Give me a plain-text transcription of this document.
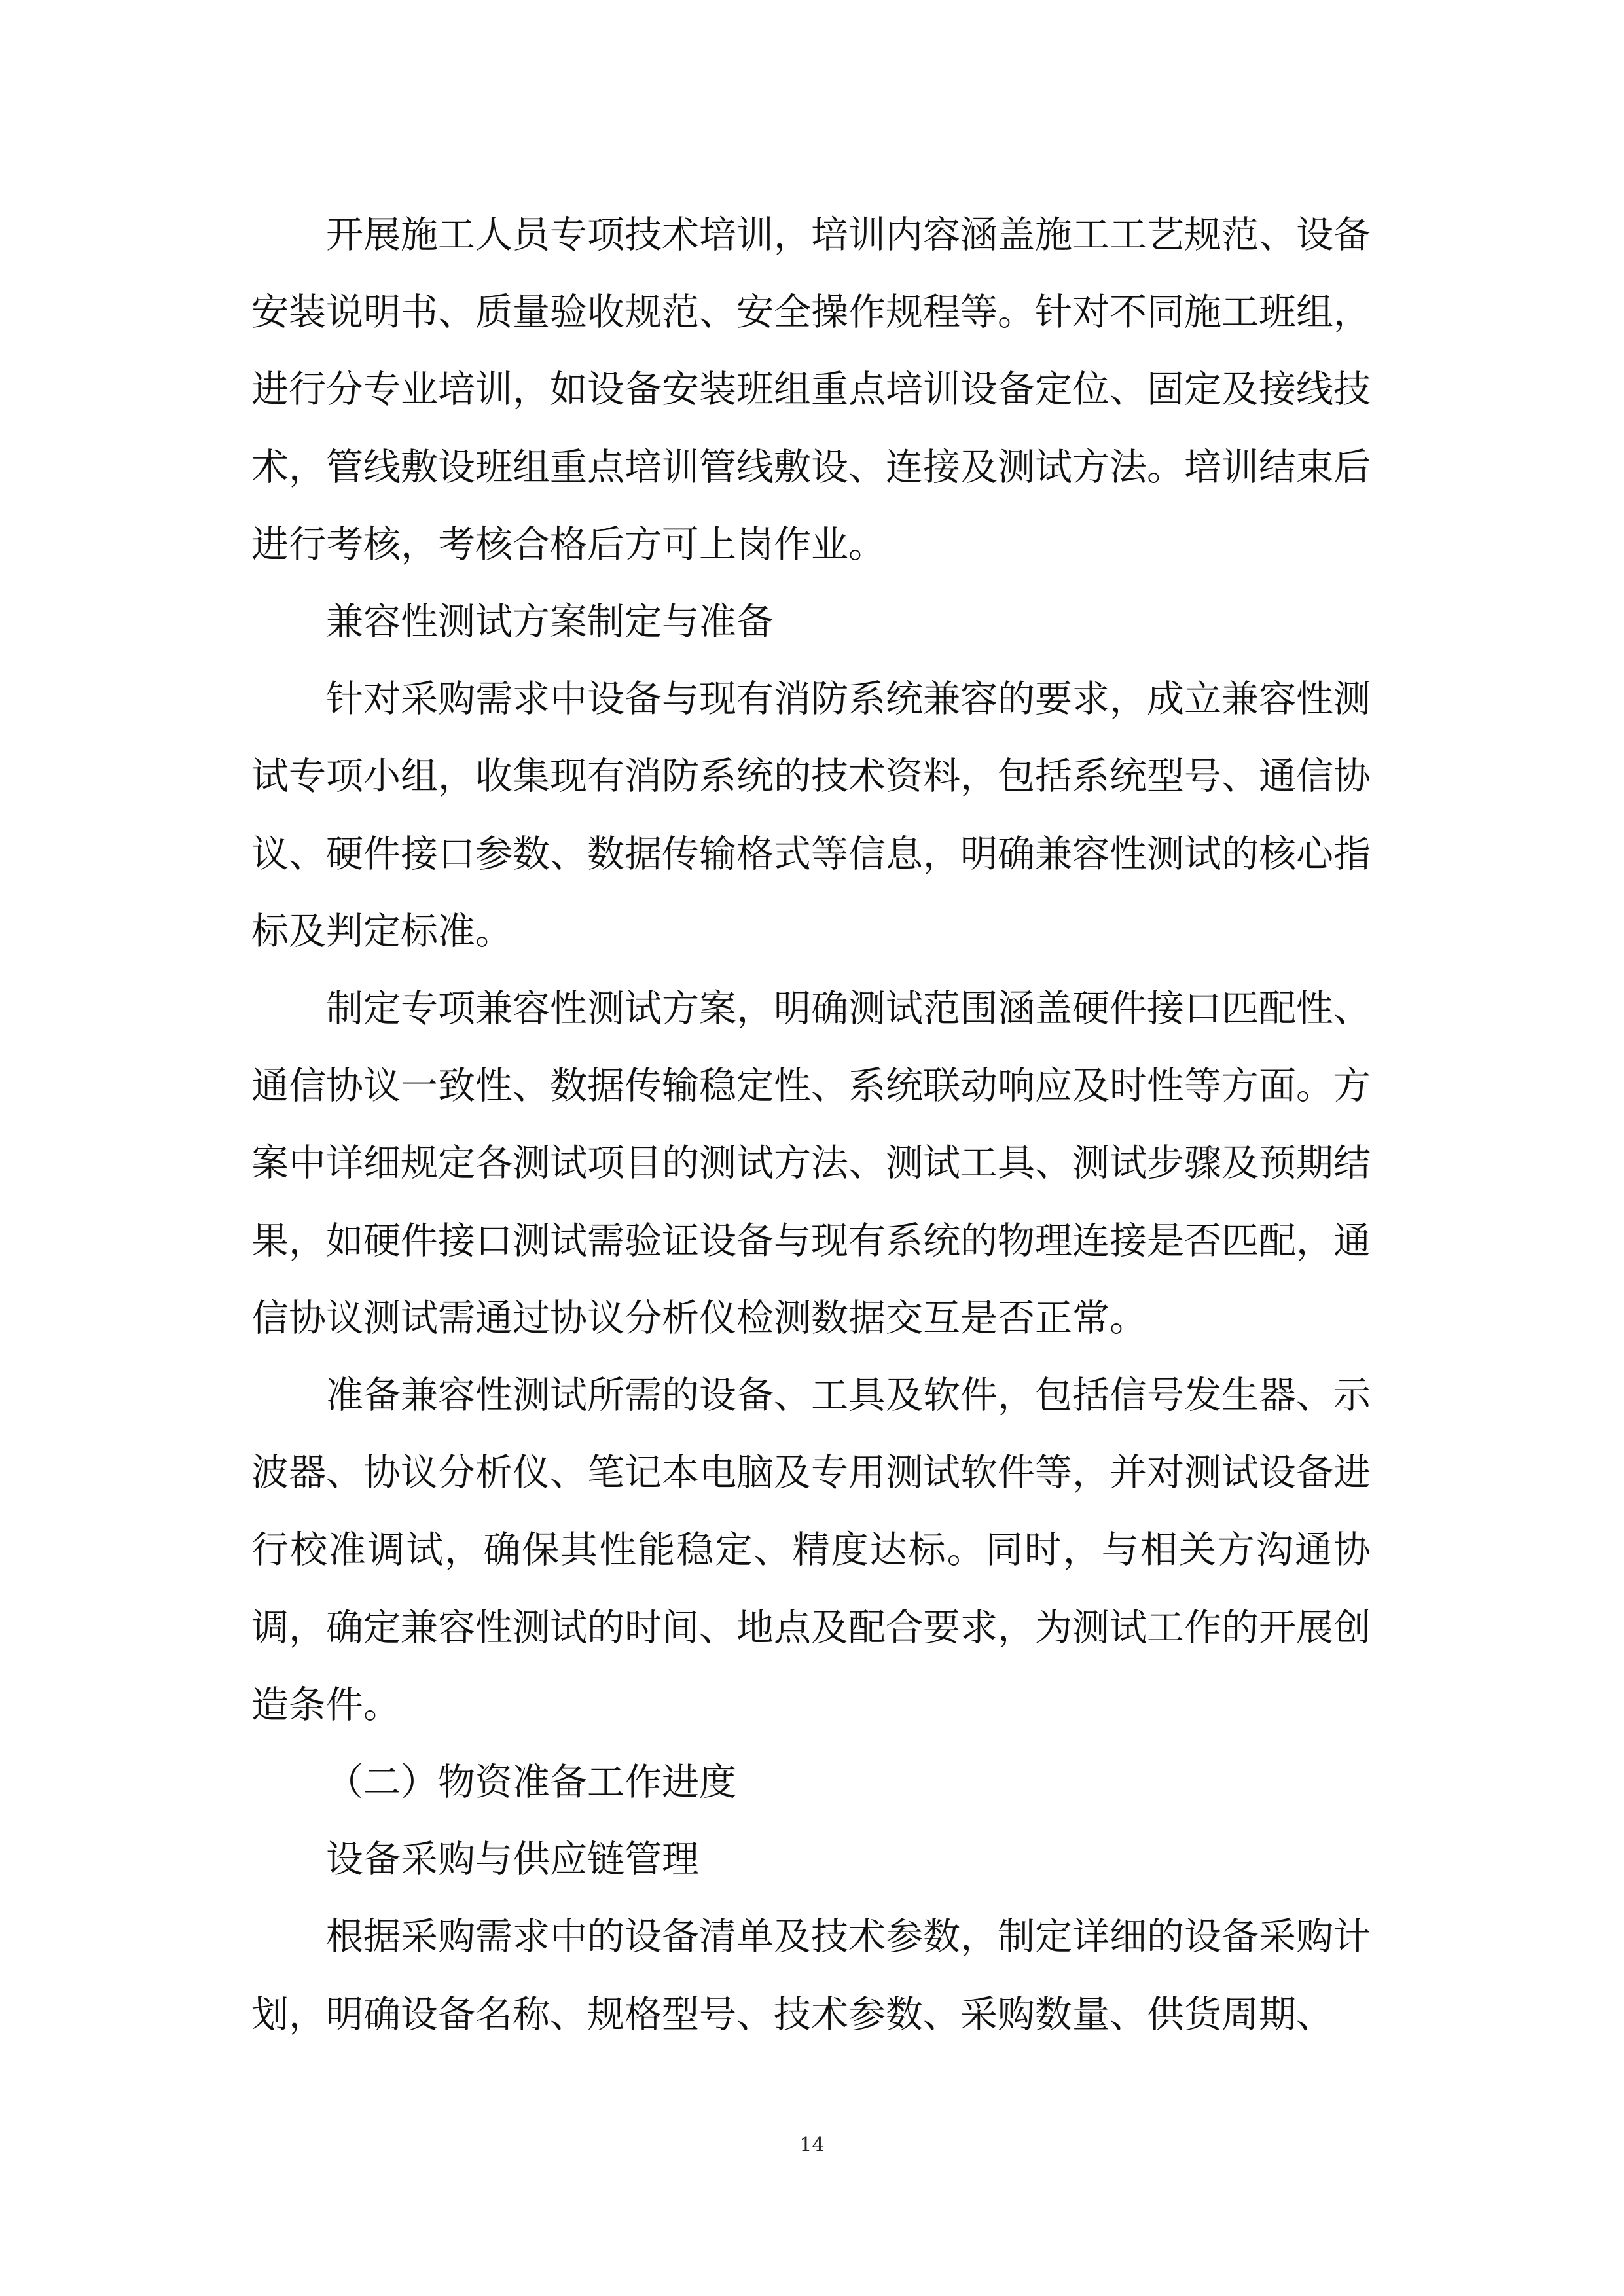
开展施工人员专项技术培训，培训内容涵盖施工工艺规范、设备安装说明书、质量验收规范、安全操作规程等。针对不同施工班组，进行分专业培训，如设备安装班组重点培训设备定位、固定及接线技术，管线敷设班组重点培训管线敷设、连接及测试方法。培训结束后进行考核，考核合格后方可上岗作业。

兼容性测试方案制定与准备

针对采购需求中设备与现有消防系统兼容的要求，成立兼容性测试专项小组，收集现有消防系统的技术资料，包括系统型号、通信协议、硬件接口参数、数据传输格式等信息，明确兼容性测试的核心指标及判定标准。

制定专项兼容性测试方案，明确测试范围涵盖硬件接口匹配性、通信协议一致性、数据传输稳定性、系统联动响应及时性等方面。方案中详细规定各测试项目的测试方法、测试工具、测试步骤及预期结果，如硬件接口测试需验证设备与现有系统的物理连接是否匹配，通信协议测试需通过协议分析仪检测数据交互是否正常。

准备兼容性测试所需的设备、工具及软件，包括信号发生器、示波器、协议分析仪、笔记本电脑及专用测试软件等，并对测试设备进行校准调试，确保其性能稳定、精度达标。同时，与相关方沟通协调，确定兼容性测试的时间、地点及配合要求，为测试工作的开展创造条件。

（二）物资准备工作进度

设备采购与供应链管理

根据采购需求中的设备清单及技术参数，制定详细的设备采购计划，明确设备名称、规格型号、技术参数、采购数量、供货周期、

14
